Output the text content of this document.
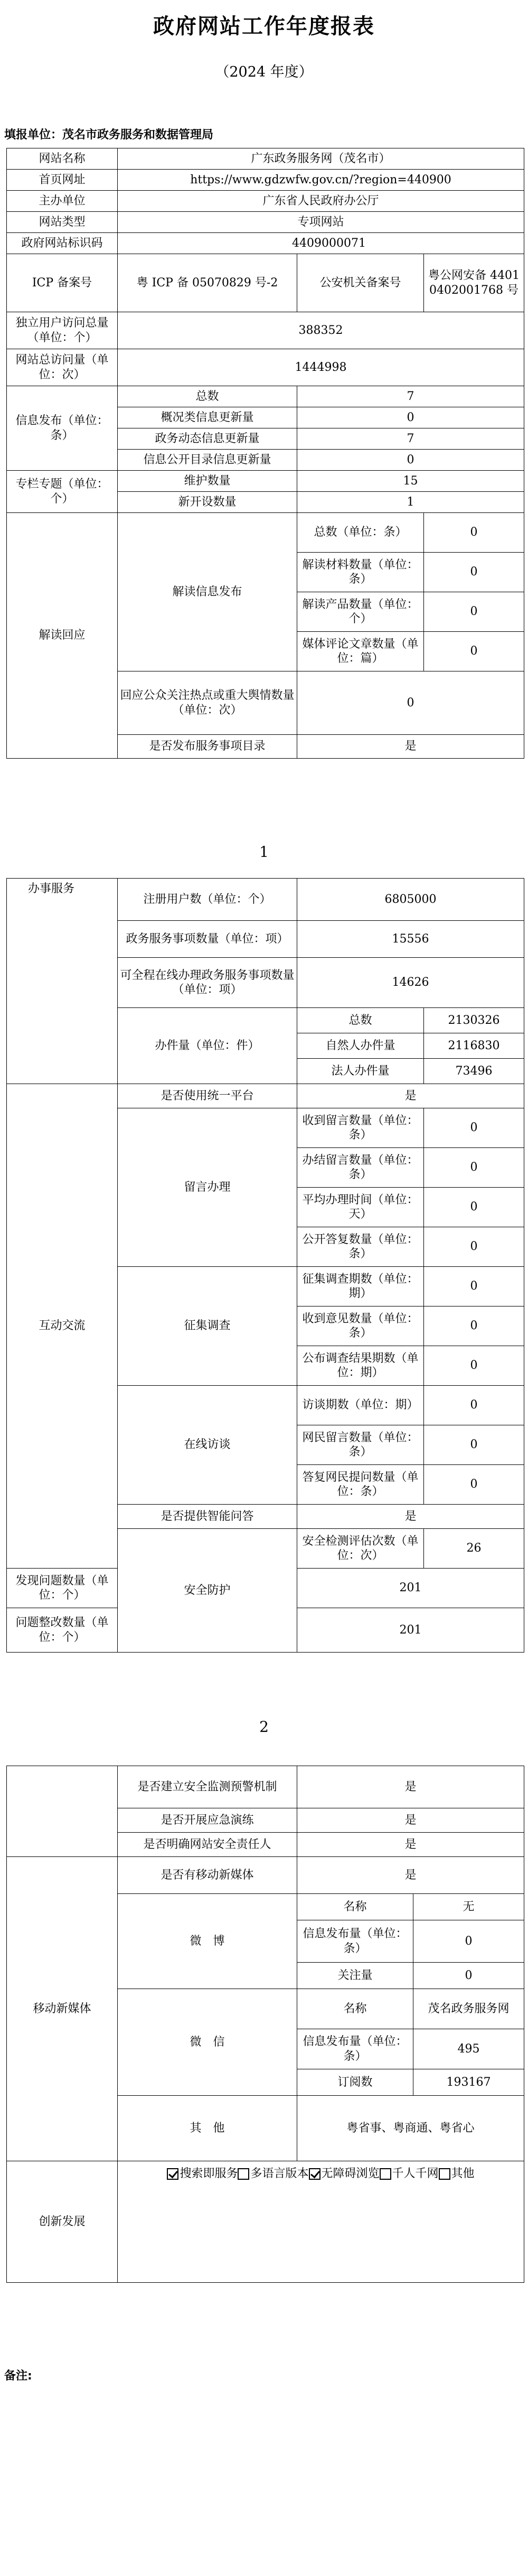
政府网站工作年度报表
（2024 年度）
填报单位：茂名市政务服务和数据管理局
网站名称	广东政务服务网（茂名市）		
首页网址	https://www.gdzwfw.gov.cn/?region=440900		
主办单位	广东省人民政府办公厅		
网站类型	专项网站		
政府网站标识码	4409000071		
ICP 备案号	粤 ICP 备 05070829 号-2	公安机关备案号	粤公网安备 44010402001768 号
独立用户访问总量（单位：个）	388352		
网站总访问量（单位：次）	1444998		
信息发布（单位：条）	总数	7	
	概况类信息更新量	0	
	政务动态信息更新量	7	
	信息公开目录信息更新量	0	
专栏专题（单位：个）	维护数量	15	
	新开设数量	1	
解读回应	解读信息发布	总数（单位：条）	0
		解读材料数量（单位：条）	0
		解读产品数量（单位：个）	0
		媒体评论文章数量（单位：篇）	0
	回应公众关注热点或重大舆情数量（单位：次）	0	
	是否发布服务事项目录	是	
1
办事服务	注册用户数（单位：个）	6805000	
	政务服务事项数量（单位：项）	15556	
	可全程在线办理政务服务事项数量（单位：项）	14626	
	办件量（单位：件）	总数	2130326
		自然人办件量	2116830
		法人办件量	73496
互动交流	是否使用统一平台	是	
	留言办理	收到留言数量（单位：条）	0
		办结留言数量（单位：条）	0
		平均办理时间（单位：天）	0
		公开答复数量（单位：条）	0
	征集调查	征集调查期数（单位：期）	0
		收到意见数量（单位：条）	0
		公布调查结果期数（单位：期）	0
	在线访谈	访谈期数（单位：期）	0
		网民留言数量（单位：条）	0
		答复网民提问数量（单位：条）	0
	是否提供智能问答	是	
	安全防护	安全检测评估次数（单位：次）	26
发现问题数量（单位：个）		201	
问题整改数量（单位：个）		201	
2
	是否建立安全监测预警机制	是	
	是否开展应急演练	是	
	是否明确网站安全责任人	是	
移动新媒体	是否有移动新媒体	是	
	微　博	名称	无
		信息发布量（单位：条）	0
		关注量	0
	微　信	名称	茂名政务服务网
		信息发布量（单位：条）	495
		订阅数	193167
	其　他	粤省事、粤商通、粤省心	
创新发展	搜索即服务 多语言版本 无障碍浏览 千人千网 其他		
备注:
